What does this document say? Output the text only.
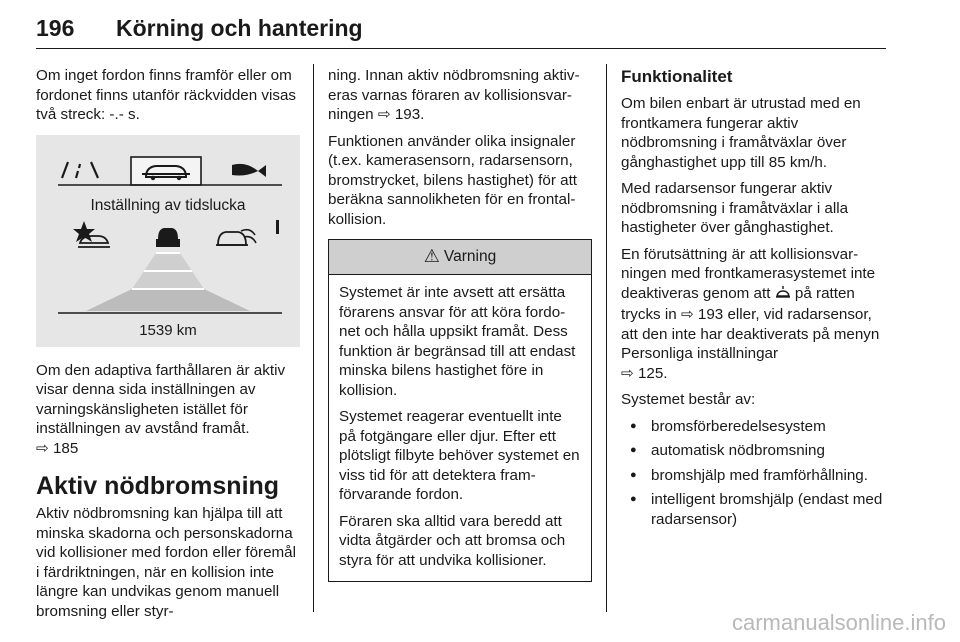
196 Körning och hantering

Om inget fordon finns framför eller om fordonet finns utanför räckvidden visas två streck: -.- s.

Inställning av tidslucka
1539 km

Om den adaptiva farthållaren är aktiv visar denna sida inställningen av varningskänsligheten istället för inställningen av avstånd framåt.
⇨ 185

Aktiv nödbromsning

Aktiv nödbromsning kan hjälpa till att minska skadorna och personskadorna vid kollisioner med fordon eller föremål i färdriktningen, när en kollision inte längre kan undvikas genom manuell bromsning eller styr-

ning. Innan aktiv nödbromsning aktiveras varnas föraren av kollisionsvarningen ⇨ 193.

Funktionen använder olika insignaler (t.ex. kamerasensorn, radarsensorn, bromstrycket, bilens hastighet) för att beräkna sannolikheten för en frontalkollision.

⚠ Varning

Systemet är inte avsett att ersätta förarens ansvar för att köra fordonet och hålla uppsikt framåt. Dess funktion är begränsad till att endast minska bilens hastighet före in kollision.

Systemet reagerar eventuellt inte på fotgängare eller djur. Efter ett plötsligt filbyte behöver systemet en viss tid för att detektera framförvarande fordon.

Föraren ska alltid vara beredd att vidta åtgärder och att bromsa och styra för att undvika kollisioner.

Funktionalitet

Om bilen enbart är utrustad med en frontkamera fungerar aktiv nödbromsning i framåtväxlar över gånghastighet upp till 85 km/h.

Med radarsensor fungerar aktiv nödbromsning i framåtväxlar i alla hastigheter över gånghastighet.

En förutsättning är att kollisionsvarningen med frontkamerasystemet inte deaktiveras genom att på ratten trycks in ⇨ 193 eller, vid radarsensor, att den inte har deaktiverats på menyn Personliga inställningar
⇨ 125.

Systemet består av:

● bromsförberedelsesystem
● automatisk nödbromsning
● bromshjälp med framförhållning.
● intelligent bromshjälp (endast med radarsensor)
carmanualsonline.info
